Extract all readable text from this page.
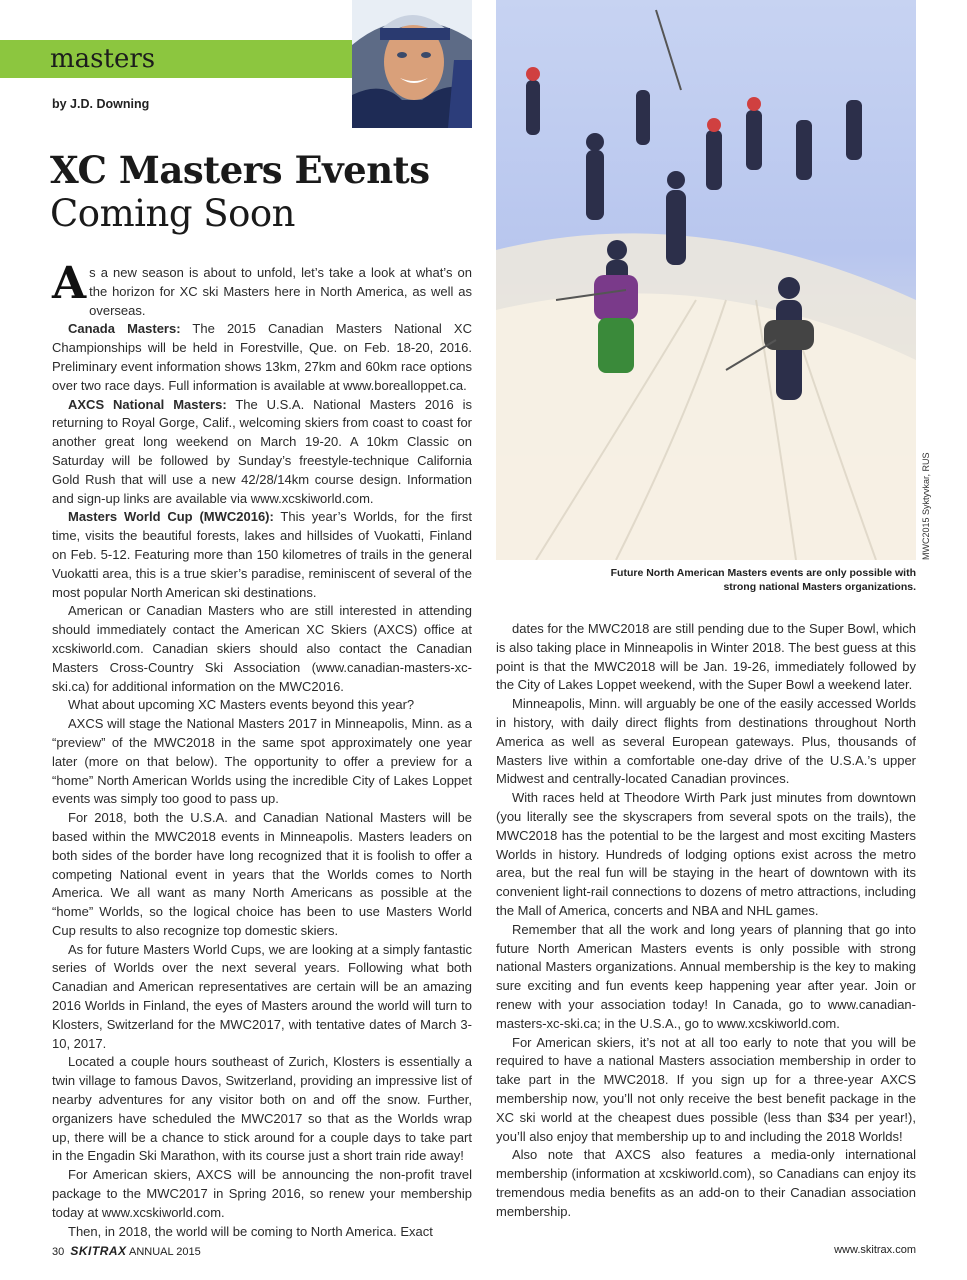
masters
by J.D. Downing
XC Masters Events
Coming Soon

As a new season is about to unfold, let’s take a look at what’s on the horizon for XC ski Masters here in North America, as well as overseas.

Canada Masters: The 2015 Canadian Masters National XC Championships will be held in Forestville, Que. on Feb. 18-20, 2016. Preliminary event information shows 13km, 27km and 60km race options over two race days. Full information is available at www.borealloppet.ca.

AXCS National Masters: The U.S.A. National Masters 2016 is returning to Royal Gorge, Calif., welcoming skiers from coast to coast for another great long weekend on March 19-20. A 10km Classic on Saturday will be followed by Sunday’s freestyle-technique California Gold Rush that will use a new 42/28/14km course design. Information and sign-up links are available via www.xcskiworld.com.

Masters World Cup (MWC2016): This year’s Worlds, for the first time, visits the beautiful forests, lakes and hillsides of Vuokatti, Finland on Feb. 5-12. Featuring more than 150 kilometres of trails in the general Vuokatti area, this is a true skier’s paradise, reminiscent of several of the most popular North American ski destinations.

American or Canadian Masters who are still interested in attending should immediately contact the American XC Skiers (AXCS) office at xcskiworld.com. Canadian skiers should also contact the Canadian Masters Cross-Country Ski Association (www.canadian-masters-xc-ski.ca) for additional information on the MWC2016.

What about upcoming XC Masters events beyond this year?

AXCS will stage the National Masters 2017 in Minneapolis, Minn. as a “preview” of the MWC2018 in the same spot approximately one year later (more on that below). The opportunity to offer a preview for a “home” North American Worlds using the incredible City of Lakes Loppet events was simply too good to pass up.

For 2018, both the U.S.A. and Canadian National Masters will be based within the MWC2018 events in Minneapolis. Masters leaders on both sides of the border have long recognized that it is foolish to offer a competing National event in years that the Worlds comes to North America. We all want as many North Americans as possible at the “home” Worlds, so the logical choice has been to use Masters World Cup results to also recognize top domestic skiers.

As for future Masters World Cups, we are looking at a simply fantastic series of Worlds over the next several years. Following what both Canadian and American representatives are certain will be an amazing 2016 Worlds in Finland, the eyes of Masters around the world will turn to Klosters, Switzerland for the MWC2017, with tentative dates of March 3-10, 2017.

Located a couple hours southeast of Zurich, Klosters is essentially a twin village to famous Davos, Switzerland, providing an impressive list of nearby adventures for any visitor both on and off the snow. Further, organizers have scheduled the MWC2017 so that as the Worlds wrap up, there will be a chance to stick around for a couple days to take part in the Engadin Ski Marathon, with its course just a short train ride away!

For American skiers, AXCS will be announcing the non-profit travel package to the MWC2017 in Spring 2016, so renew your membership today at www.xcskiworld.com.

Then, in 2018, the world will be coming to North America. Exact

MWC2015 Syktyvkar, RUS
Future North American Masters events are only possible with strong national Masters organizations.

dates for the MWC2018 are still pending due to the Super Bowl, which is also taking place in Minneapolis in Winter 2018. The best guess at this point is that the MWC2018 will be Jan. 19-26, immediately followed by the City of Lakes Loppet weekend, with the Super Bowl a weekend later.

Minneapolis, Minn. will arguably be one of the easily accessed Worlds in history, with daily direct flights from destinations throughout North America as well as several European gateways. Plus, thousands of Masters live within a comfortable one-day drive of the U.S.A.’s upper Midwest and centrally-located Canadian provinces.

With races held at Theodore Wirth Park just minutes from downtown (you literally see the skyscrapers from several spots on the trails), the MWC2018 has the potential to be the largest and most exciting Masters Worlds in history. Hundreds of lodging options exist across the metro area, but the real fun will be staying in the heart of downtown with its convenient light-rail connections to dozens of metro attractions, including the Mall of America, concerts and NBA and NHL games.

Remember that all the work and long years of planning that go into future North American Masters events is only possible with strong national Masters organizations. Annual membership is the key to making sure exciting and fun events keep happening year after year. Join or renew with your association today! In Canada, go to www.canadian-masters-xc-ski.ca; in the U.S.A., go to www.xcskiworld.com.

For American skiers, it’s not at all too early to note that you will be required to have a national Masters association membership in order to take part in the MWC2018. If you sign up for a three-year AXCS membership now, you’ll not only receive the best benefit package in the XC ski world at the cheapest dues possible (less than $34 per year!), you’ll also enjoy that membership up to and including the 2018 Worlds!

Also note that AXCS also features a media-only international membership (information at xcskiworld.com), so Canadians can enjoy its tremendous media benefits as an add-on to their Canadian association membership.

30 SKITRAX ANNUAL 2015	www.skitrax.com
